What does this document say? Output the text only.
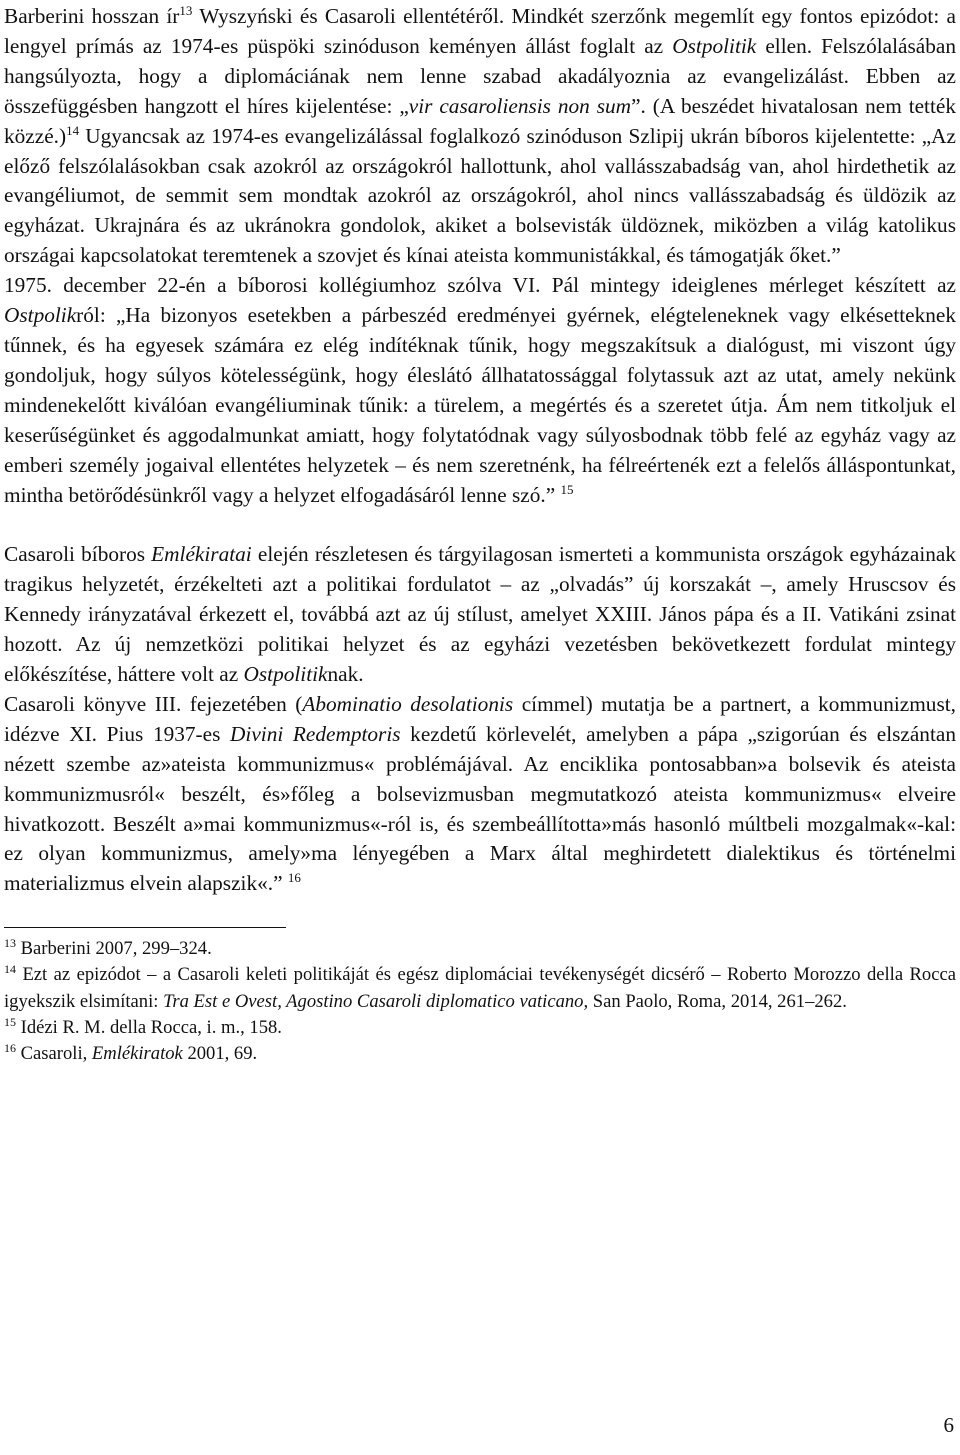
Barberini hosszan $ír^{13}$ Wyszyński és Casaroli ellentétéről. Mindkét szerzőnk megemlít egy fontos epizódot: a lengyel prímás az 1974-es püspöki szinóduson keményen állást foglalt az Ostpolitik ellen. Felszólalásában hangsúlyozta, hogy a diplomáciának nem lenne szabad akadályoznia az evangelizálást. Ebben az összefüggésben hangzott el híres kijelentése: „vir casaroliensis non sum”. (A beszédet hivatalosan nem tették közzé.)$^{14}$ Ugyancsak az 1974-es evangelizálással foglalkozó szinóduson Szlipij ukrán bíboros kijelentette: „Az előző felszólalásokban csak azokról az országokról hallottunk, ahol vallásszabadság van, ahol hirdethetik az evangéliumot, de semmit sem mondtak azokról az országokról, ahol nincs vallásszabadság és üldözik az egyházat. Ukrajnára és az ukránokra gondolok, akiket a bolsevisták üldöznek, miközben a világ katolikus országai kapcsolatokat teremtenek a szovjet és kínai ateista kommunistákkal, és támogatják őket.”

1975. december 22-én a bíborosi kollégiumhoz szólva VI. Pál mintegy ideiglenes mérleget készített az Ostpolikról: „Ha bizonyos esetekben a párbeszéd eredményei gyérnek, elégteleneknek vagy elkésetteknek tűnnek, és ha egyesek számára ez elég indítéknak tűnik, hogy megszakítsuk a dialógust, mi viszont úgy gondoljuk, hogy súlyos kötelességünk, hogy éleslátó állhatatossággal folytassuk azt az utat, amely nekünk mindenekelőtt kiválóan evangéliuminak tűnik: a türelem, a megértés és a szeretet útja. Ám nem titkoljuk el keserűségünket és aggodalmunkat amiatt, hogy folytatódnak vagy súlyosbodnak több felé az egyház vagy az emberi személy jogaival ellentétes helyzetek – és nem szeretnénk, ha félreértenék ezt a felelős álláspontunkat, mintha betörődésünkről vagy a helyzet elfogadásáról lenne szó.” $^{15}$

Casaroli bíboros Emlékiratai elején részletesen és tárgyilagosan ismerteti a kommunista országok egyházainak tragikus helyzetét, érzékelteti azt a politikai fordulatot – az „olvadás” új korszakát –, amely Hruscsov és Kennedy irányzatával érkezett el, továbbá azt az új stílust, amelyet XXIII. János pápa és a II. Vatikáni zsinat hozott. Az új nemzetközi politikai helyzet és az egyházi vezetésben bekövetkezett fordulat mintegy előkészítése, háttere volt az Ostpolitiknak.

Casaroli könyve III. fejezetében (Abominatio desolationis címmel) mutatja be a partnert, a kommunizmust, idézve XI. Pius 1937-es Divini Redemptoris kezdetű körlevelét, amelyben a pápa „szigorúan és elszántan nézett szembe az»ateista kommunizmus« problémájával. Az enciklika pontosabban»a bolsevik és ateista kommunizmusról« beszélt, és»főleg a bolsevizmusban megmutatkozó ateista kommunizmus« elveire hivatkozott. Beszélt a»mai kommunizmus«-ról is, és szembeállította»más hasonló múltbeli mozgalmak«-kal: ez olyan kommunizmus, amely»ma lényegében a Marx által meghirdetett dialektikus és történelmi materializmus elvein alapszik«.” $^{16}$

$^{13}$ Barberini 2007, 299–324.

$^{14}$ Ezt az epizódot – a Casaroli keleti politikáját és egész diplomáciai tevékenységét dicsérő – Roberto Morozzo della Rocca igyekszik elsimítani: Tra Est e Ovest, Agostino Casaroli diplomatico vaticano, San Paolo, Roma, 2014, 261–262.

$^{15}$ Idézi R. M. della Rocca, i. m., 158.

$^{16}$ Casaroli, Emlékiratok 2001, 69.

6
